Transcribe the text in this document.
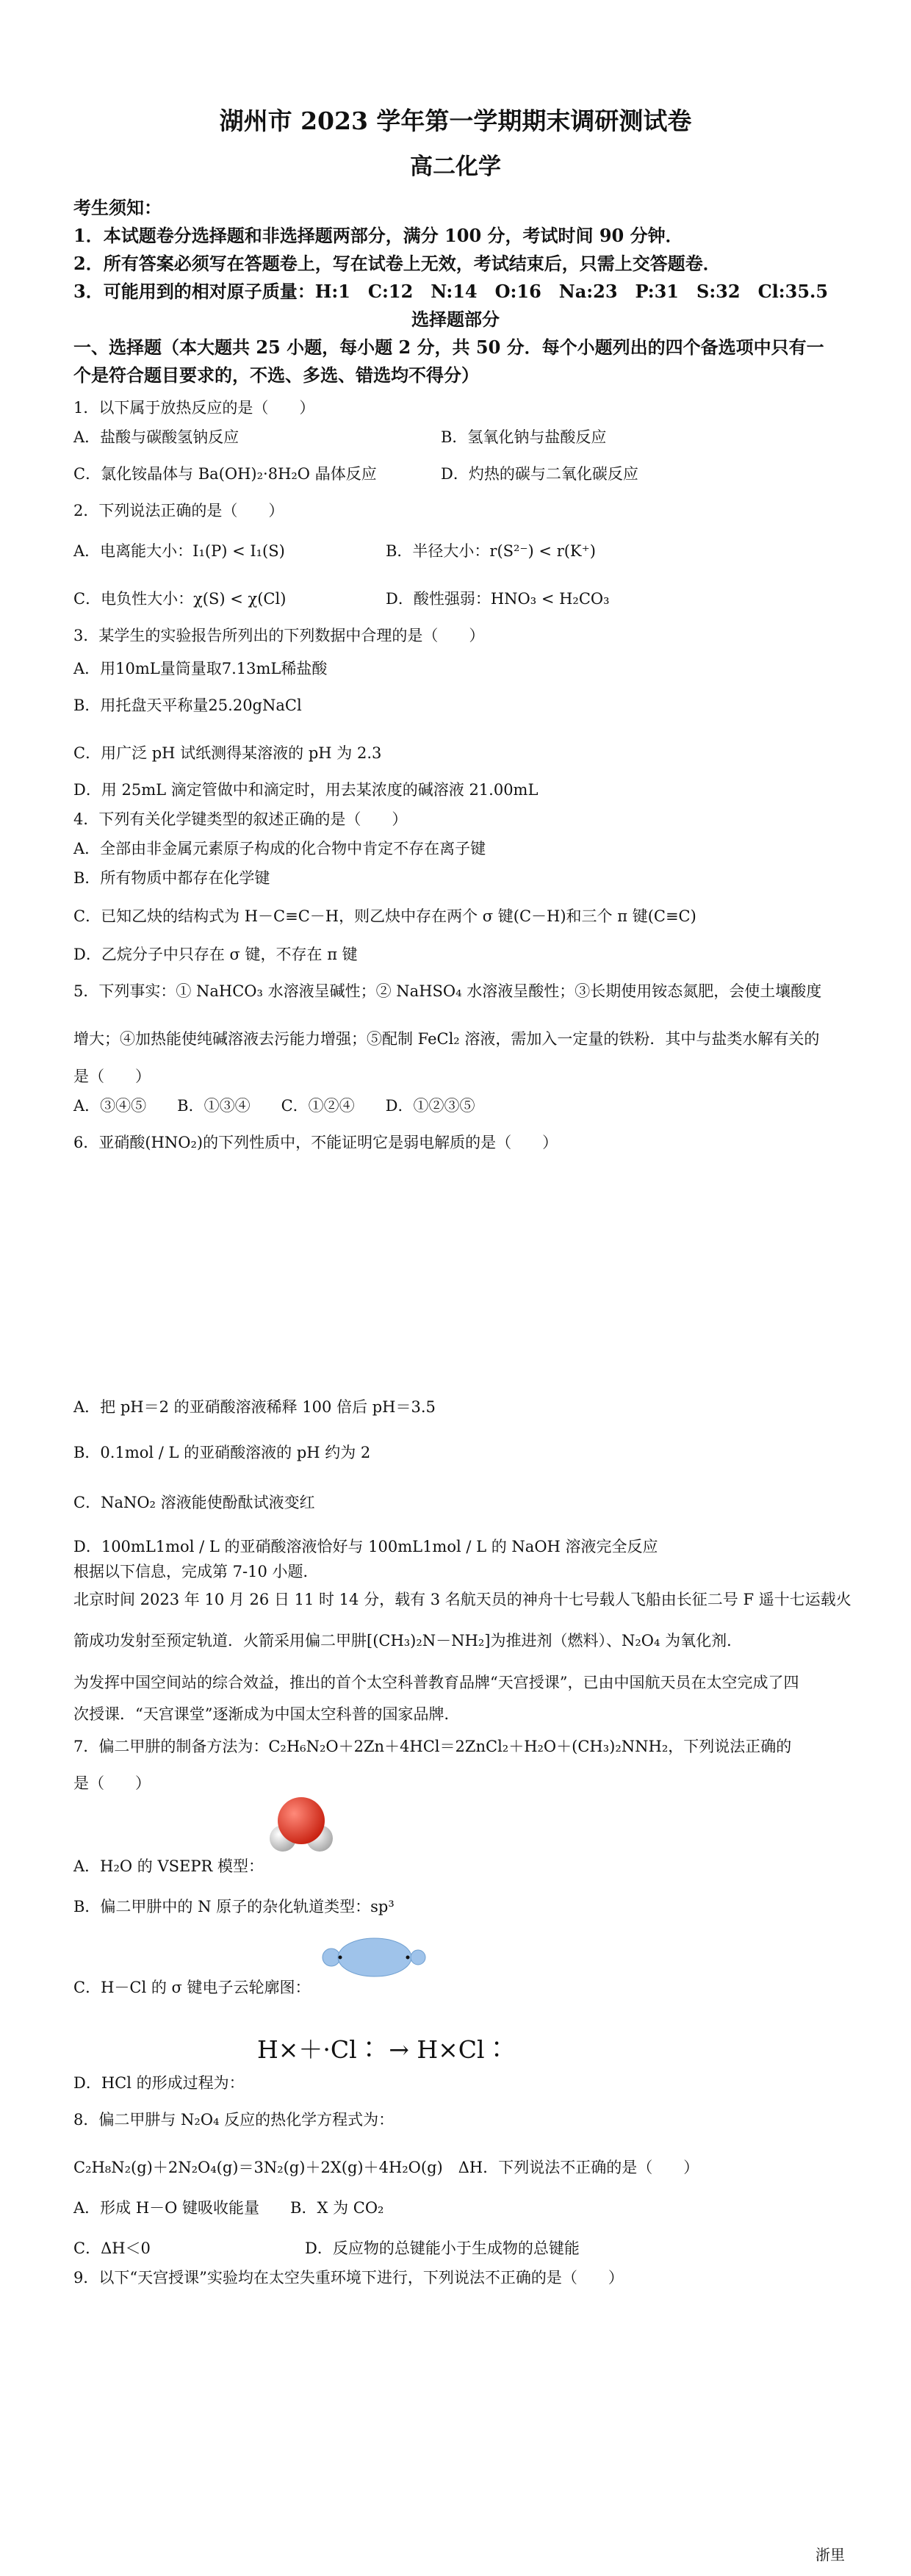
湖州市 2023 学年第一学期期末调研测试卷
高二化学
考生须知：
1．本试题卷分选择题和非选择题两部分，满分 100 分，考试时间 90 分钟．
2．所有答案必须写在答题卷上，写在试卷上无效，考试结束后，只需上交答题卷．
3．可能用到的相对原子质量：H:1　C:12　N:14　O:16　Na:23　P:31　S:32　Cl:35.5
选择题部分
一、选择题（本大题共 25 小题，每小题 2 分，共 50 分．每个小题列出的四个备选项中只有一
个是符合题目要求的，不选、多选、错选均不得分）
1．以下属于放热反应的是（　　）
A．盐酸与碳酸氢钠反应	B．氢氧化钠与盐酸反应
C．氯化铵晶体与 Ba(OH)₂·8H₂O 晶体反应	D．灼热的碳与二氧化碳反应
2．下列说法正确的是（　　）
A．电离能大小：I₁(P) < I₁(S)	B．半径大小：r(S²⁻) < r(K⁺)
C．电负性大小：χ(S) < χ(Cl)	D．酸性强弱：HNO₃ < H₂CO₃
3．某学生的实验报告所列出的下列数据中合理的是（　　）
A．用10mL量筒量取7.13mL稀盐酸
B．用托盘天平称量25.20gNaCl
C．用广泛 pH 试纸测得某溶液的 pH 为 2.3
D．用 25mL 滴定管做中和滴定时，用去某浓度的碱溶液 21.00mL
4．下列有关化学键类型的叙述正确的是（　　）
A．全部由非金属元素原子构成的化合物中肯定不存在离子键
B．所有物质中都存在化学键
C．已知乙炔的结构式为 H－C≡C－H，则乙炔中存在两个 σ 键(C－H)和三个 π 键(C≡C)
D．乙烷分子中只存在 σ 键，不存在 π 键
5．下列事实：① NaHCO₃ 水溶液呈碱性；② NaHSO₄ 水溶液呈酸性；③长期使用铵态氮肥，会使土壤酸度
增大；④加热能使纯碱溶液去污能力增强；⑤配制 FeCl₂ 溶液，需加入一定量的铁粉．其中与盐类水解有关的
是（　　）
A．③④⑤　　B．①③④　　C．①②④　　D．①②③⑤
6．亚硝酸(HNO₂)的下列性质中，不能证明它是弱电解质的是（　　）
A．把 pH＝2 的亚硝酸溶液稀释 100 倍后 pH＝3.5
B．0.1mol / L 的亚硝酸溶液的 pH 约为 2
C．NaNO₂ 溶液能使酚酞试液变红
D．100mL1mol / L 的亚硝酸溶液恰好与 100mL1mol / L 的 NaOH 溶液完全反应
根据以下信息，完成第 7-10 小题．
北京时间 2023 年 10 月 26 日 11 时 14 分，载有 3 名航天员的神舟十七号载人飞船由长征二号 F 遥十七运载火
箭成功发射至预定轨道．火箭采用偏二甲肼[(CH₃)₂N－NH₂]为推进剂（燃料）、N₂O₄ 为氧化剂．
为发挥中国空间站的综合效益，推出的首个太空科普教育品牌“天宫授课”，已由中国航天员在太空完成了四
次授课．“天宫课堂”逐渐成为中国太空科普的国家品牌．
7．偏二甲肼的制备方法为：C₂H₆N₂O＋2Zn＋4HCl＝2ZnCl₂＋H₂O＋(CH₃)₂NNH₂，下列说法正确的
是（　　）
A．H₂O 的 VSEPR 模型：
B．偏二甲肼中的 N 原子的杂化轨道类型：sp³
C．H－Cl 的 σ 键电子云轮廓图：
H×＋·Cl∶ → H×Cl∶
D．HCl 的形成过程为：
8．偏二甲肼与 N₂O₄ 反应的热化学方程式为：
C₂H₈N₂(g)＋2N₂O₄(g)＝3N₂(g)＋2X(g)＋4H₂O(g)　ΔH．下列说法不正确的是（　　）
A．形成 H－O 键吸收能量　　B．X 为 CO₂
C．ΔH＜0	D．反应物的总键能小于生成物的总键能
9．以下“天宫授课”实验均在太空失重环境下进行，下列说法不正确的是（　　）
浙里
